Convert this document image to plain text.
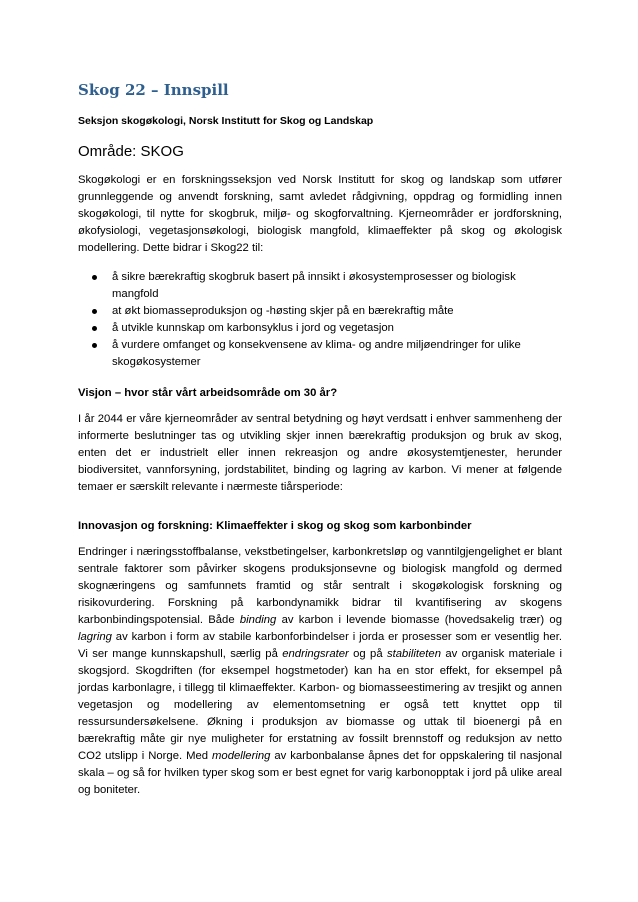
Skog 22 – Innspill
Seksjon skogøkologi, Norsk Institutt for Skog og Landskap
Område: SKOG

Skogøkologi er en forskningsseksjon ved Norsk Institutt for skog og landskap som utfører grunnleggende og anvendt forskning, samt avledet rådgivning, oppdrag og formidling innen skogøkologi, til nytte for skogbruk, miljø- og skogforvaltning. Kjerneområder er jordforskning, økofysiologi, vegetasjonsøkologi, biologisk mangfold, klimaeffekter på skog og økologisk modellering. Dette bidrar i Skog22 til:

å sikre bærekraftig skogbruk basert på innsikt i økosystemprosesser og biologisk mangfold
at økt biomasseproduksjon og -høsting skjer på en bærekraftig måte
å utvikle kunnskap om karbonsyklus i jord og vegetasjon
å vurdere omfanget og konsekvensene av klima- og andre miljøendringer for ulike skogøkosystemer
Visjon – hvor står vårt arbeidsområde om 30 år?

I år 2044 er våre kjerneområder av sentral betydning og høyt verdsatt i enhver sammenheng der informerte beslutninger tas og utvikling skjer innen bærekraftig produksjon og bruk av skog, enten det er industrielt eller innen rekreasjon og andre økosystemtjenester, herunder biodiversitet, vannforsyning, jordstabilitet, binding og lagring av karbon. Vi mener at følgende temaer er særskilt relevante i nærmeste tiårsperiode:

Innovasjon og forskning: Klimaeffekter i skog og skog som karbonbinder

Endringer i næringsstoffbalanse, vekstbetingelser, karbonkretsløp og vanntilgjengelighet er blant sentrale faktorer som påvirker skogens produksjonsevne og biologisk mangfold og dermed skognæringens og samfunnets framtid og står sentralt i skogøkologisk forskning og risikovurdering. Forskning på karbondynamikk bidrar til kvantifisering av skogens karbonbindingspotensial. Både binding av karbon i levende biomasse (hovedsakelig trær) og lagring av karbon i form av stabile karbonforbindelser i jorda er prosesser som er vesentlig her. Vi ser mange kunnskapshull, særlig på endringsrater og på stabiliteten av organisk materiale i skogsjord. Skogdriften (for eksempel hogstmetoder) kan ha en stor effekt, for eksempel på jordas karbonlagre, i tillegg til klimaeffekter. Karbon- og biomasseestimering av tresjikt og annen vegetasjon og modellering av elementomsetning er også tett knyttet opp til ressursundersøkelsene. Økning i produksjon av biomasse og uttak til bioenergi på en bærekraftig måte gir nye muligheter for erstatning av fossilt brennstoff og reduksjon av netto CO2 utslipp i Norge. Med modellering av karbonbalanse åpnes det for oppskalering til nasjonal skala – og så for hvilken typer skog som er best egnet for varig karbonopptak i jord på ulike areal og boniteter.
